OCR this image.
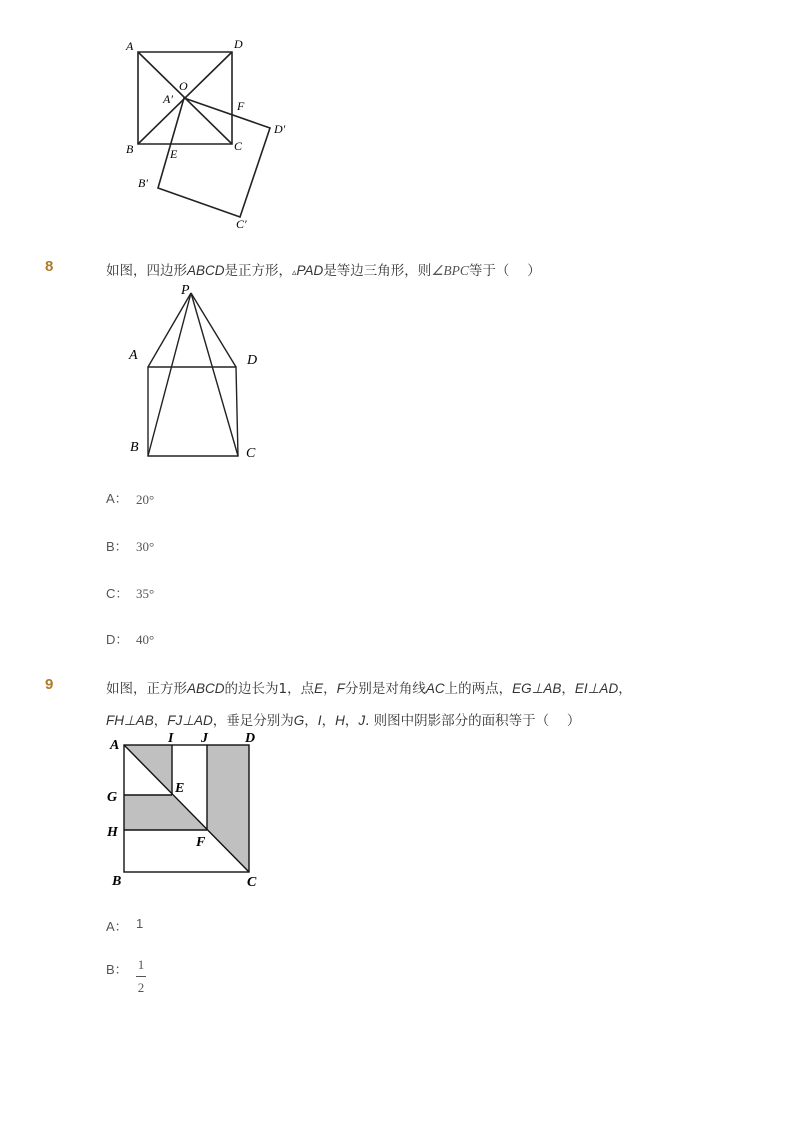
A	D
O
A′	F
D′
B	E
C
B′
C′
8	如图，四边形ABCD是正方形，▵PAD是等边三角形，则∠BPC等于（　 ）
P
A	D
B	C
A： 20°
B： 30°
C： 35°
D： 40°
9	如图，正方形ABCD的边长为1，点E，F分别是对角线AC上的两点，EG⊥AB，EI⊥AD，
FH⊥AB，FJ⊥AD，垂足分别为G，I，H，J. 则图中阴影部分的面积等于（　 ）
A	I J	D
G
E
H
F
B	C
A： 1
B： 1
2
